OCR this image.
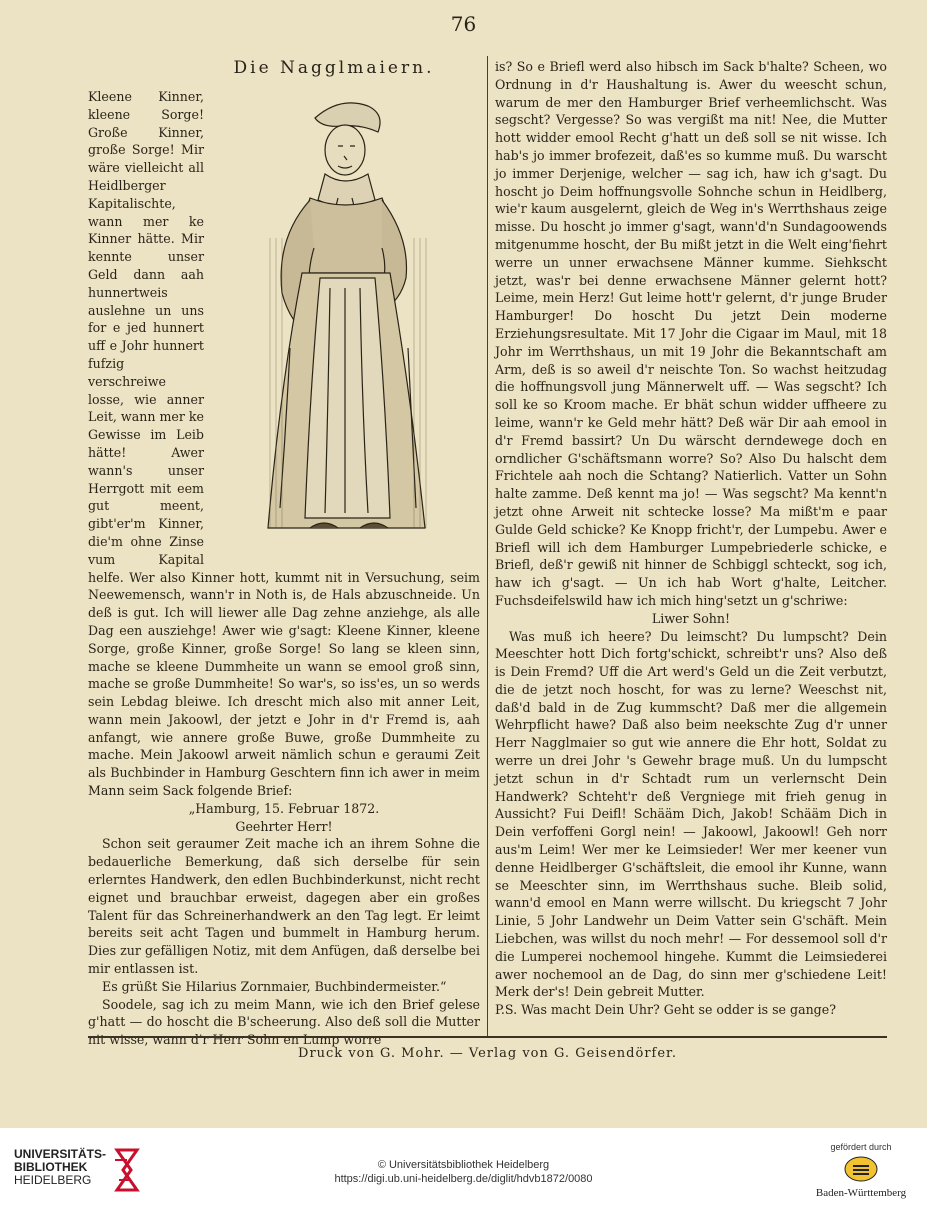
76
Die Nagglmaiern.

Kleene Kinner, kleene Sorge! Große Kinner, große Sorge! Mir wäre vielleicht all Heidlberger Kapitalischte, wann mer ke Kinner hätte. Mir kennte unser Geld dann aah hunnertweis auslehne un uns for e jed hunnert uff e Johr hunnert fufzig verschreiwe losse, wie anner Leit, wann mer ke Gewisse im Leib hätte! Awer wann's unser Herrgott mit eem gut meent, gibt'er'm Kinner, die'm ohne Zinse vum Kapital helfe. Wer also Kinner hott, kummt nit in Versuchung, seim Neewemensch, wann'r in Noth is, de Hals abzuschneide. Un deß is gut. Ich will liewer alle Dag zehne anziehge, als alle Dag een ausziehge! Awer wie g'sagt: Kleene Kinner, kleene Sorge, große Kinner, große Sorge! So lang se kleen sinn, mache se kleene Dummheite un wann se emool groß sinn, mache se große Dummheite! So war's, so iss'es, un so werds sein Lebdag bleiwe. Ich drescht mich also mit anner Leit, wann mein Jakoowl, der jetzt e Johr in d'r Fremd is, aah anfangt, wie annere große Buwe, große Dummheite zu mache. Mein Jakoowl arweit nämlich schun e geraumi Zeit als Buchbinder in Hamburg Geschtern finn ich awer in meim Mann seim Sack folgende Brief:

„Hamburg, 15. Februar 1872.

Geehrter Herr!

Schon seit geraumer Zeit mache ich an ihrem Sohne die bedauerliche Bemerkung, daß sich derselbe für sein erlerntes Handwerk, den edlen Buchbinderkunst, nicht recht eignet und brauchbar erweist, dagegen aber ein großes Talent für das Schreinerhandwerk an den Tag legt. Er leimt bereits seit acht Tagen und bummelt in Hamburg herum. Dies zur gefälligen Notiz, mit dem Anfügen, daß derselbe bei mir entlassen ist.

Es grüßt Sie Hilarius Zornmaier, Buchbindermeister.“

Soodele, sag ich zu meim Mann, wie ich den Brief gelese g'hatt — do hoscht die B'scheerung. Also deß soll die Mutter nit wisse, wann d'r Herr Sohn en Lump worre

is? So e Briefl werd also hibsch im Sack b'halte? Scheen, wo Ordnung in d'r Haushaltung is. Awer du weescht schun, warum de mer den Hamburger Brief verheemlichscht. Was segscht? Vergesse? So was vergißt ma nit! Nee, die Mutter hott widder emool Recht g'hatt un deß soll se nit wisse. Ich hab's jo immer brofezeit, daß'es so kumme muß. Du warscht jo immer Derjenige, welcher — sag ich, haw ich g'sagt. Du hoscht jo Deim hoffnungsvolle Sohnche schun in Heidlberg, wie'r kaum ausgelernt, gleich de Weg in's Werrthshaus zeige misse. Du hoscht jo immer g'sagt, wann'd'n Sundagoowends mitgenumme hoscht, der Bu mißt jetzt in die Welt eing'fiehrt werre un unner erwachsene Männer kumme. Siehkscht jetzt, was'r bei denne erwachsene Männer gelernt hott? Leime, mein Herz! Gut leime hott'r gelernt, d'r junge Bruder Hamburger! Do hoscht Du jetzt Dein moderne Erziehungsresultate. Mit 17 Johr die Cigaar im Maul, mit 18 Johr im Werrthshaus, un mit 19 Johr die Bekanntschaft am Arm, deß is so aweil d'r neischte Ton. So wachst heitzudag die hoffnungsvoll jung Männerwelt uff. — Was segscht? Ich soll ke so Kroom mache. Er bhät schun widder uffheere zu leime, wann'r ke Geld mehr hätt? Deß wär Dir aah emool in d'r Fremd bassirt? Un Du wärscht derndewege doch en orndlicher G'schäftsmann worre? So? Also Du halscht dem Frichtele aah noch die Schtang? Natierlich. Vatter un Sohn halte zamme. Deß kennt ma jo! — Was segscht? Ma kennt'n jetzt ohne Arweit nit schtecke losse? Ma mißt'm e paar Gulde Geld schicke? Ke Knopp fricht'r, der Lumpebu. Awer e Briefl will ich dem Hamburger Lumpebriederle schicke, e Briefl, deß'r gewiß nit hinner de Schbiggl schteckt, sog ich, haw ich g'sagt. — Un ich hab Wort g'halte, Leitcher. Fuchsdeifelswild haw ich mich hing'setzt un g'schriwe:

Liwer Sohn!

Was muß ich heere? Du leimscht? Du lumpscht? Dein Meeschter hott Dich fortg'schickt, schreibt'r uns? Also deß is Dein Fremd? Uff die Art werd's Geld un die Zeit verbutzt, die de jetzt noch hoscht, for was zu lerne? Weeschst nit, daß'd bald in de Zug kummscht? Daß mer die allgemein Wehrpflicht hawe? Daß also beim neekschte Zug d'r unner Herr Nagglmaier so gut wie annere die Ehr hott, Soldat zu werre un drei Johr 's Gewehr brage muß. Un du lumpscht jetzt schun in d'r Schtadt rum un verlernscht Dein Handwerk? Schteht'r deß Vergniege mit frieh genug in Aussicht? Fui Deifl! Schääm Dich, Jakob! Schääm Dich in Dein verfoffeni Gorgl nein! — Jakoowl, Jakoowl! Geh norr aus'm Leim! Wer mer ke Leimsieder! Wer mer keener vun denne Heidlberger G'schäftsleit, die emool ihr Kunne, wann se Meeschter sinn, im Werrthshaus suche. Bleib solid, wann'd emool en Mann werre willscht. Du kriegscht 7 Johr Linie, 5 Johr Landwehr un Deim Vatter sein G'schäft. Mein Liebchen, was willst du noch mehr! — For dessemool soll d'r die Lumperei nochemool hingehe. Kummt die Leimsiederei awer nochemool an de Dag, do sinn mer g'schiedene Leit! Merk der's! Dein gebreit Mutter.

P.S. Was macht Dein Uhr? Geht se odder is se gange?

Druck von G. Mohr. — Verlag von G. Geisendörfer.
UNIVERSITÄTS-
BIBLIOTHEK
HEIDELBERG
© Universitätsbibliothek Heidelberg
https://digi.ub.uni-heidelberg.de/diglit/hdvb1872/0080
gefördert durch
Baden-Württemberg
